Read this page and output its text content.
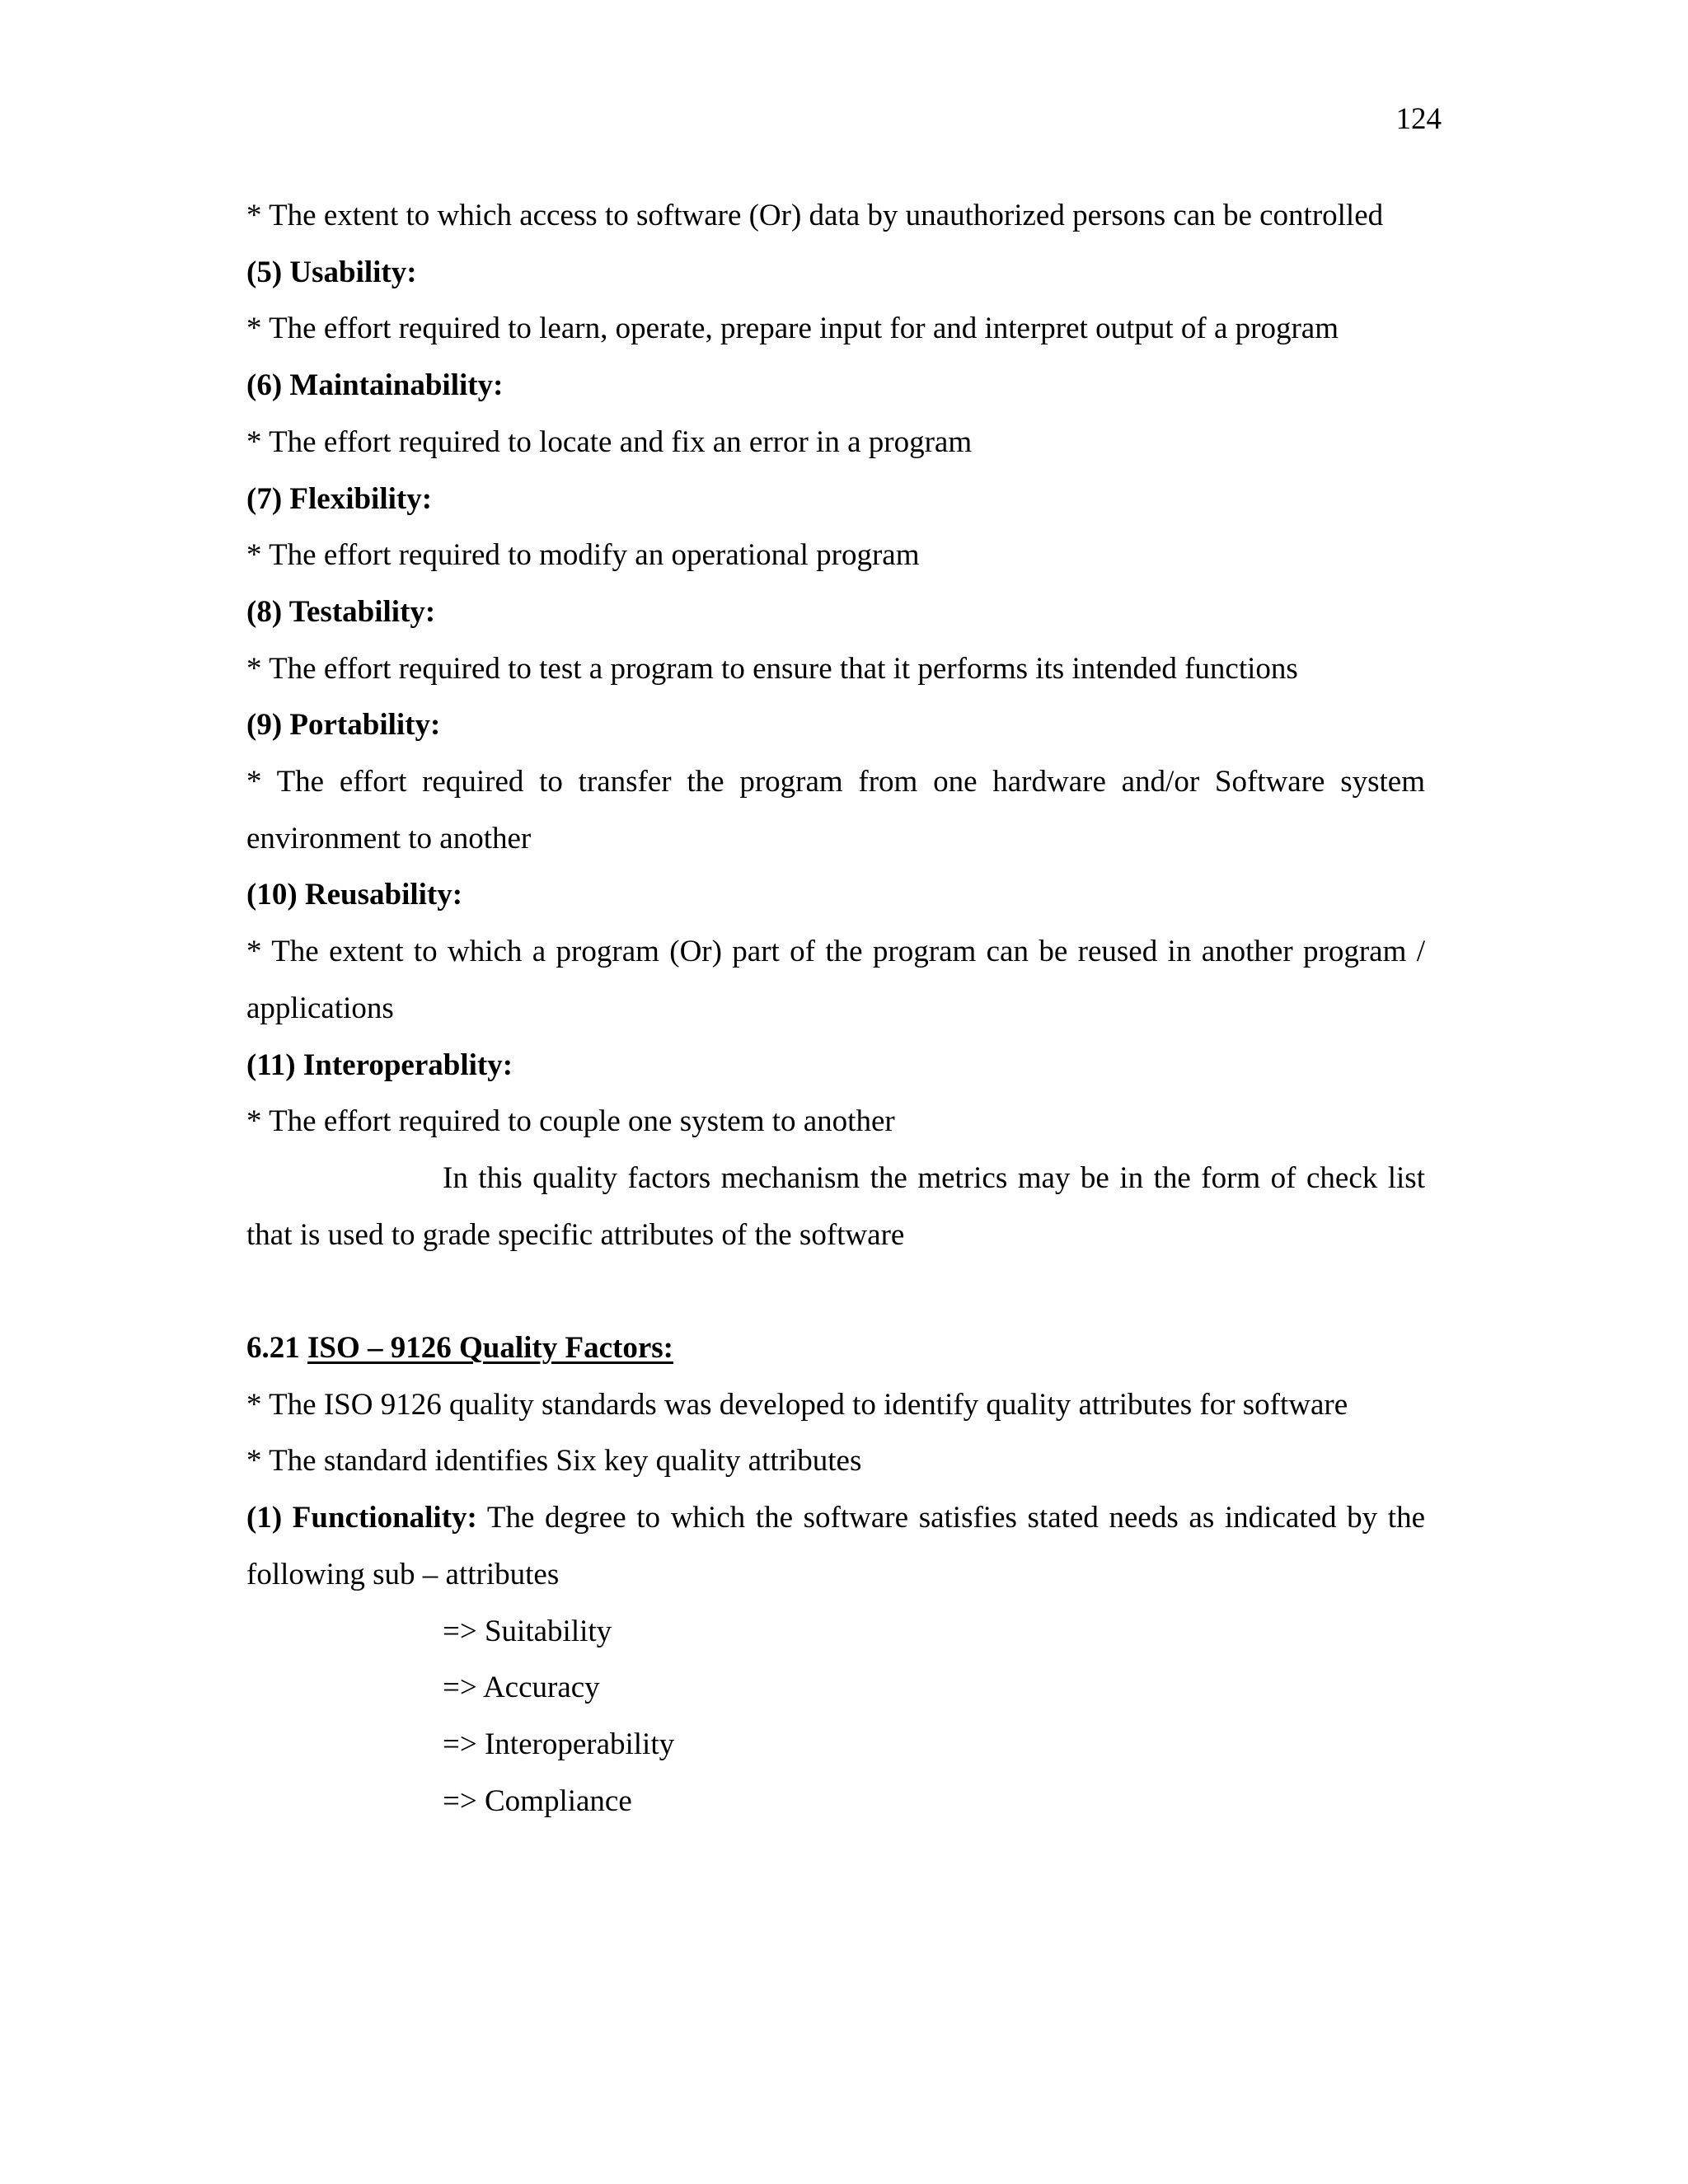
124

* The extent to which access to software (Or) data by unauthorized persons can be controlled

(5) Usability:

* The effort required to learn, operate, prepare input for and interpret output of a program

(6) Maintainability:

* The effort required to locate and fix an error in a program

(7) Flexibility:

* The effort required to modify an operational program

(8) Testability:

* The effort required to test a program to ensure that it performs its intended functions

(9) Portability:

* The effort required to transfer the program from one hardware and/or Software system environment to another

(10) Reusability:

* The extent to which a program (Or) part of the program can be reused in another program / applications

(11) Interoperablity:

* The effort required to couple one system to another

In this quality factors mechanism the metrics may be in the form of check list that is used to grade specific attributes of the software

6.21 ISO – 9126 Quality Factors:

* The ISO 9126 quality standards was developed to identify quality attributes for software

* The standard identifies Six key quality attributes

(1) Functionality: The degree to which the software satisfies stated needs as indicated by the following sub – attributes

=> Suitability

=> Accuracy

=> Interoperability

=> Compliance
